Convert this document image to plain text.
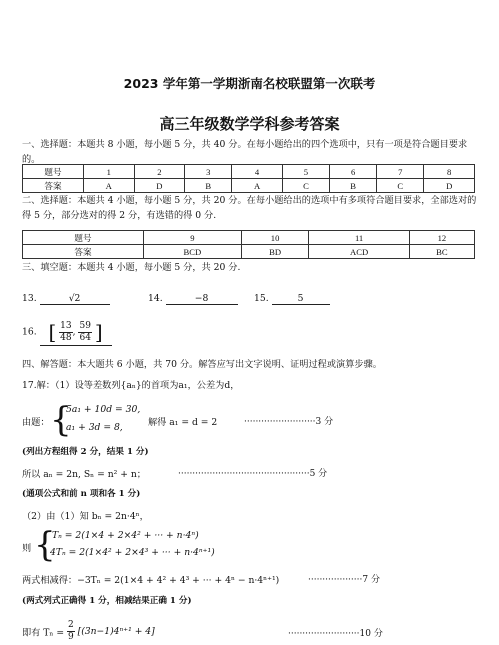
2023 学年第一学期浙南名校联盟第一次联考
高三年级数学学科参考答案
一、选择题：本题共 8 小题，每小题 5 分，共 40 分。在每小题给出的四个选项中，只有一项是符合题目要求的。
题号	1	2	3	4	5	6	7	8
答案	A	D	B	A	C	B	C	D
二、选择题：本题共 4 小题，每小题 5 分，共 20 分。在每小题给出的选项中有多项符合题目要求，全部选对的得 5 分，部分选对的得 2 分，有选错的得 0 分.
题号	9	10	11	12
答案	BCD	BD	ACD	BC
三、填空题：本题共 4 小题，每小题 5 分，共 20 分.
13.	√2	14.	−8	15.	5
16. [ $\frac{13}{48}$ , $\frac{59}{64}$ ]
四、解答题：本大题共 6 小题，共 70 分。解答应写出文字说明、证明过程或演算步骤。
17.解：（1）设等差数列{aₙ}的首项为a₁，公差为d，
由题： {
5a₁ + 10d = 30,
a₁ + 3d = 8,	解得 a₁ = d = 2	·························3 分
(列出方程组得 2 分，结果 1 分)
所以 aₙ = 2n, Sₙ = n² + n；	··············································5 分
(通项公式和前 n 项和各 1 分)
（2）由（1）知 bₙ = 2n·4ⁿ，
则 {
Tₙ = 2(1×4 + 2×4² + ··· + n·4ⁿ)
4Tₙ = 2(1×4² + 2×4³ + ··· + n·4ⁿ⁺¹)
两式相减得：−3Tₙ = 2(1×4 + 4² + 4³ + ··· + 4ⁿ − n·4ⁿ⁺¹)	···················7 分
(两式列式正确得 1 分，相减结果正确 1 分)
即有 $T_n = \frac{2}{9} [(3n-1)4^{n+1} + 4]$	·························10 分
